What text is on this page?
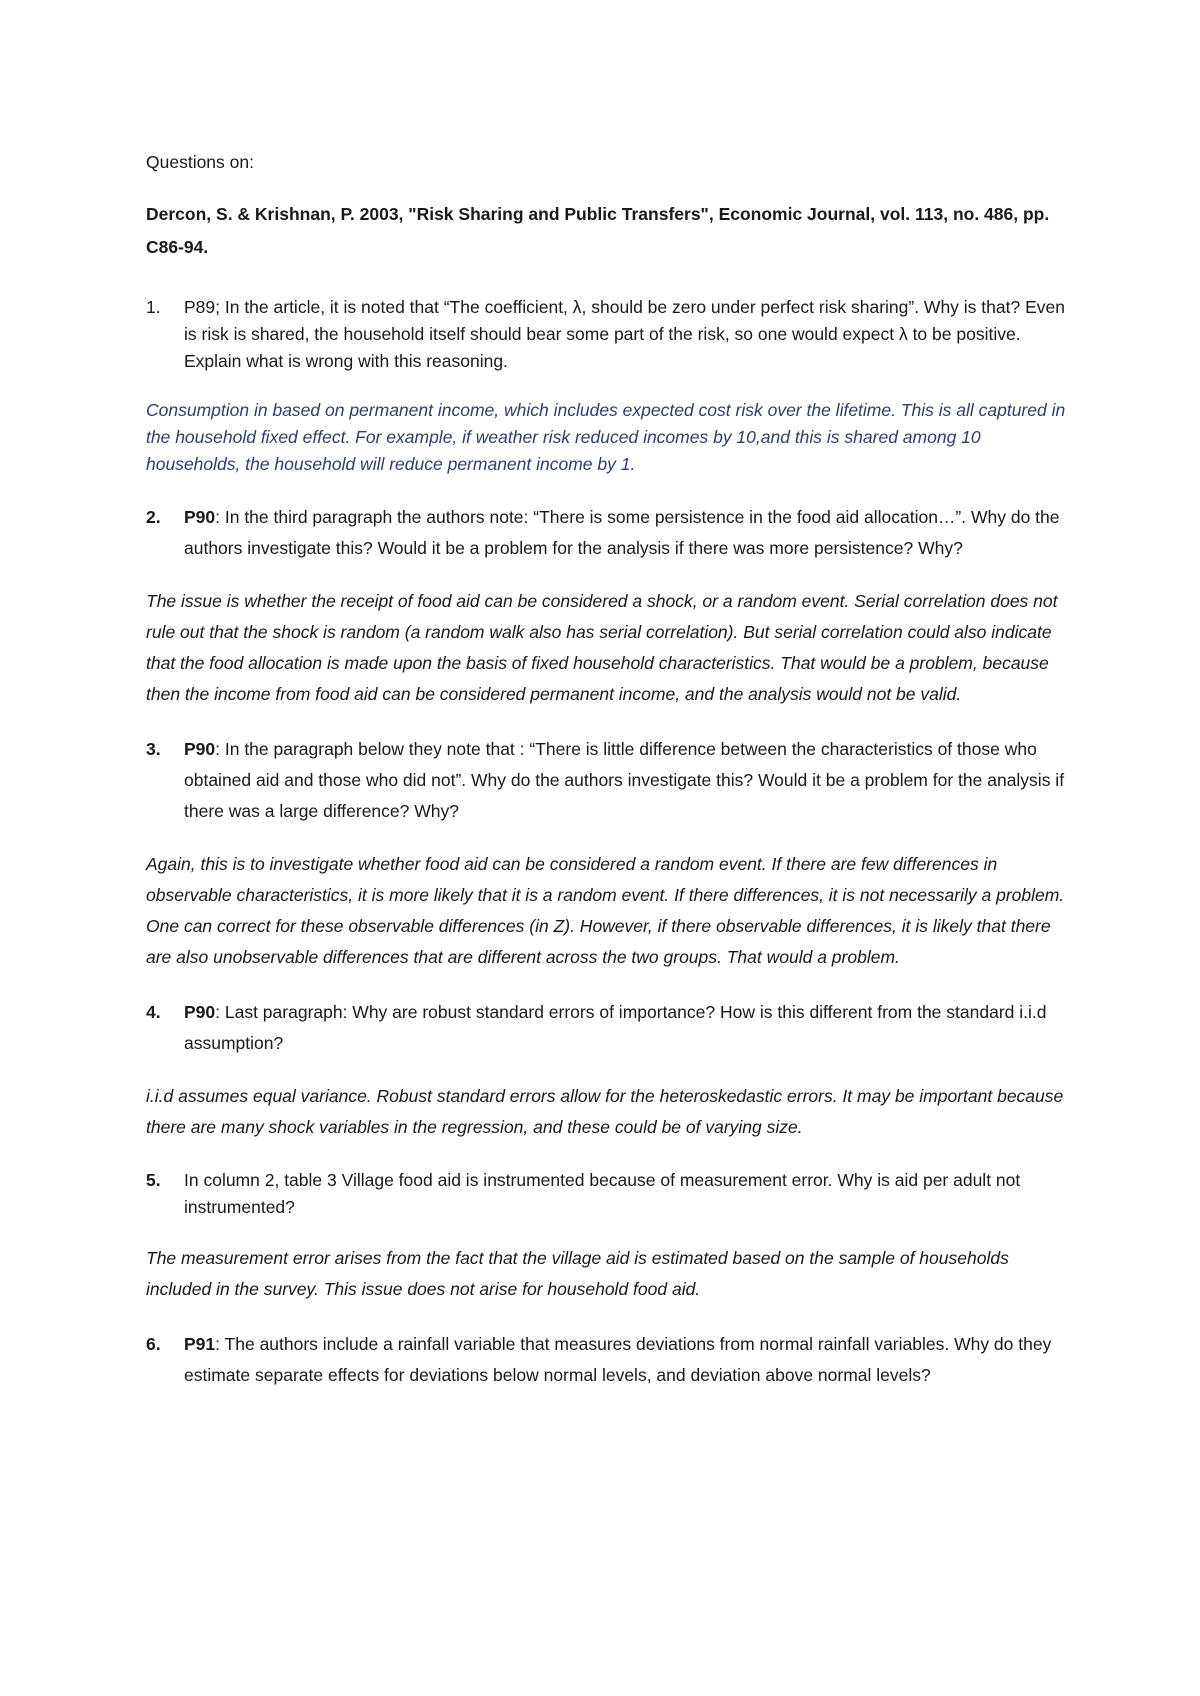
Questions on:

Dercon, S. & Krishnan, P. 2003, "Risk Sharing and Public Transfers", Economic Journal, vol. 113, no. 486, pp. C86-94.

1. P89; In the article, it is noted that “The coefficient, λ, should be zero under perfect risk sharing”. Why is that? Even is risk is shared, the household itself should bear some part of the risk, so one would expect λ to be positive. Explain what is wrong with this reasoning.

Consumption in based on permanent income, which includes expected cost risk over the lifetime. This is all captured in the household fixed effect. For example, if weather risk reduced incomes by 10,and this is shared among 10 households, the household will reduce permanent income by 1.

2. P90: In the third paragraph the authors note: “There is some persistence in the food aid allocation…”. Why do the authors investigate this? Would it be a problem for the analysis if there was more persistence? Why?

The issue is whether the receipt of food aid can be considered a shock, or a random event. Serial correlation does not rule out that the shock is random (a random walk also has serial correlation). But serial correlation could also indicate that the food allocation is made upon the basis of fixed household characteristics. That would be a problem, because then the income from food aid can be considered permanent income, and the analysis would not be valid.

3. P90: In the paragraph below they note that : “There is little difference between the characteristics of those who obtained aid and those who did not”. Why do the authors investigate this? Would it be a problem for the analysis if there was a large difference? Why?

Again, this is to investigate whether food aid can be considered a random event. If there are few differences in observable characteristics, it is more likely that it is a random event. If there differences, it is not necessarily a problem. One can correct for these observable differences (in Z). However, if there observable differences, it is likely that there are also unobservable differences that are different across the two groups. That would a problem.

4. P90: Last paragraph: Why are robust standard errors of importance? How is this different from the standard i.i.d assumption?

i.i.d assumes equal variance. Robust standard errors allow for the heteroskedastic errors. It may be important because there are many shock variables in the regression, and these could be of varying size.

5. In column 2, table 3 Village food aid is instrumented because of measurement error. Why is aid per adult not instrumented?

The measurement error arises from the fact that the village aid is estimated based on the sample of households included in the survey. This issue does not arise for household food aid.

6. P91: The authors include a rainfall variable that measures deviations from normal rainfall variables. Why do they estimate separate effects for deviations below normal levels, and deviation above normal levels?
